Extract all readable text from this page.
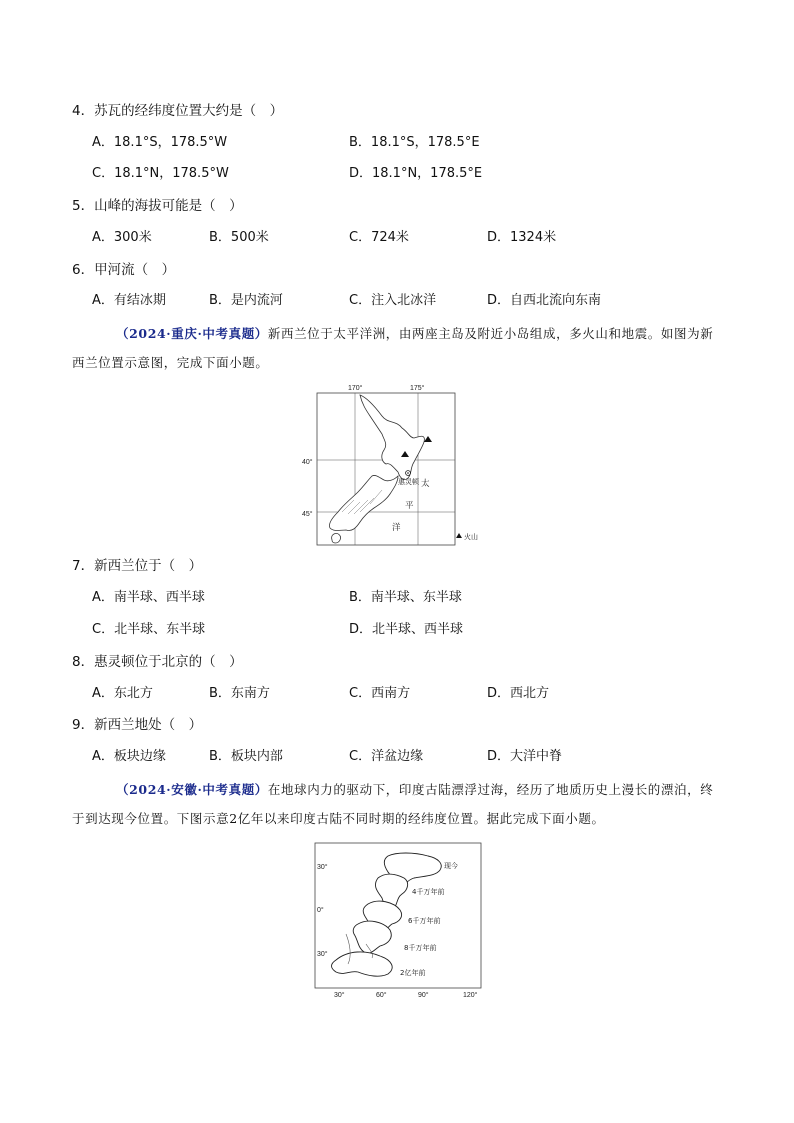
4．苏瓦的经纬度位置大约是（　）
A．18.1°S，178.5°W	B．18.1°S，178.5°E
C．18.1°N，178.5°W	D．18.1°N，178.5°E
5．山峰的海拔可能是（　）
A．300米	B．500米	C．724米	D．1324米
6．甲河流（　）
A．有结冰期	B．是内流河	C．注入北冰洋	D．自西北流向东南
（2024·重庆·中考真题）新西兰位于太平洋洲，由两座主岛及附近小岛组成，多火山和地震。如图为新西兰位置示意图，完成下面小题。
170°	175°
40°
45°
惠灵顿 太
平
洋
火山
7．新西兰位于（　）
A．南半球、西半球	B．南半球、东半球
C．北半球、东半球	D．北半球、西半球
8．惠灵顿位于北京的（　）
A．东北方	B．东南方	C．西南方	D．西北方
9．新西兰地处（　）
A．板块边缘	B．板块内部	C．洋盆边缘	D．大洋中脊
（2024·安徽·中考真题）在地球内力的驱动下，印度古陆漂浮过海，经历了地质历史上漫长的漂泊，终于到达现今位置。下图示意2亿年以来印度古陆不同时期的经纬度位置。据此完成下面小题。
30°
0°
30°
30°	60°	90°	120°
现今
4千万年前
6千万年前
8千万年前
2亿年前
